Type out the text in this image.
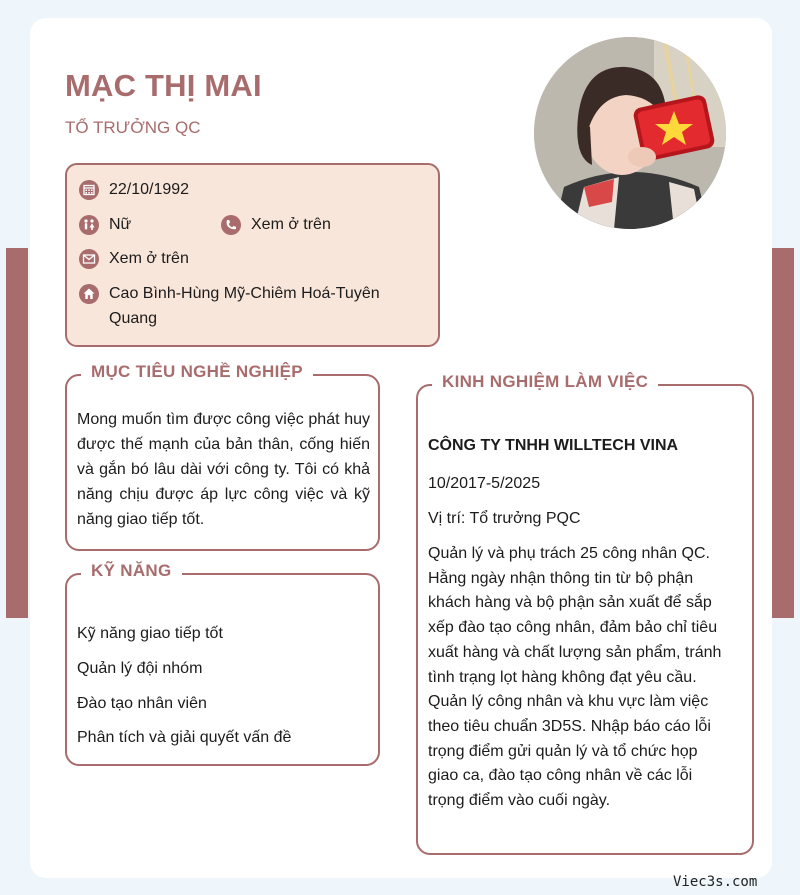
MẠC THỊ MAI
TỔ TRƯỞNG QC
22/10/1992
Nữ	Xem ở trên
Xem ở trên
Cao Bình-Hùng Mỹ-Chiêm Hoá-Tuyên Quang
MỤC TIÊU NGHỀ NGHIỆP
Mong muốn tìm được công việc phát huy được thế mạnh của bản thân, cống hiến và gắn bó lâu dài với công ty. Tôi có khả năng chịu được áp lực công việc và kỹ năng giao tiếp tốt.
KỸ NĂNG
Kỹ năng giao tiếp tốt
Quản lý đội nhóm
Đào tạo nhân viên
Phân tích và giải quyết vấn đề
KINH NGHIỆM LÀM VIỆC
CÔNG TY TNHH WILLTECH VINA
10/2017-5/2025
Vị trí: Tổ trưởng PQC
Quản lý và phụ trách 25 công nhân QC. Hằng ngày nhận thông tin từ bộ phận khách hàng và bộ phận sản xuất để sắp xếp đào tạo công nhân, đảm bảo chỉ tiêu xuất hàng và chất lượng sản phẩm, tránh tình trạng lọt hàng không đạt yêu cầu. Quản lý công nhân và khu vực làm việc theo tiêu chuẩn 3D5S. Nhập báo cáo lỗi trọng điểm gửi quản lý và tổ chức họp giao ca, đào tạo công nhân về các lỗi trọng điểm vào cuối ngày.
Viec3s.com
